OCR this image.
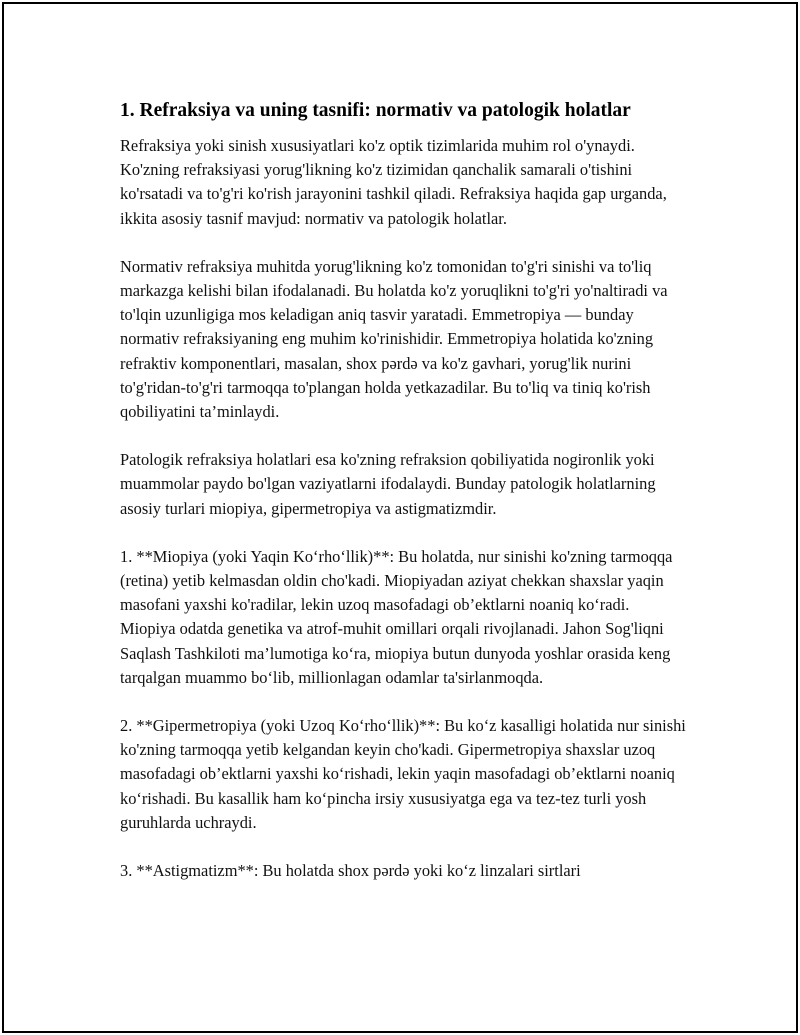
1. Refraksiya va uning tasnifi: normativ va patologik holatlar

Refraksiya yoki sinish xususiyatlari ko'z optik tizimlarida muhim rol o'ynaydi. Ko'zning refraksiyasi yorug'likning ko'z tizimidan qanchalik samarali o'tishini ko'rsatadi va to'g'ri ko'rish jarayonini tashkil qiladi. Refraksiya haqida gap urganda, ikkita asosiy tasnif mavjud: normativ va patologik holatlar.

Normativ refraksiya muhitda yorug'likning ko'z tomonidan to'g'ri sinishi va to'liq markazga kelishi bilan ifodalanadi. Bu holatda ko'z yoruqlikni to'g'ri yo'naltiradi va to'lqin uzunligiga mos keladigan aniq tasvir yaratadi. Emmetropiya — bunday normativ refraksiyaning eng muhim ko'rinishidir. Emmetropiya holatida ko'zning refraktiv komponentlari, masalan, shox pərdə va ko'z gavhari, yorug'lik nurini to'g'ridan-to'g'ri tarmoqqa to'plangan holda yetkazadilar. Bu to'liq va tiniq ko'rish qobiliyatini ta’minlaydi.

Patologik refraksiya holatlari esa ko'zning refraksion qobiliyatida nogironlik yoki muammolar paydo bo'lgan vaziyatlarni ifodalaydi. Bunday patologik holatlarning asosiy turlari miopiya, gipermetropiya va astigmatizmdir.

1. **Miopiya (yoki Yaqin Ko‘rho‘llik)**: Bu holatda, nur sinishi ko'zning tarmoqqa (retina) yetib kelmasdan oldin cho'kadi. Miopiyadan aziyat chekkan shaxslar yaqin masofani yaxshi ko'radilar, lekin uzoq masofadagi ob’ektlarni noaniq ko‘radi. Miopiya odatda genetika va atrof-muhit omillari orqali rivojlanadi. Jahon Sog'liqni Saqlash Tashkiloti ma’lumotiga ko‘ra, miopiya butun dunyoda yoshlar orasida keng tarqalgan muammo bo‘lib, millionlagan odamlar ta'sirlanmoqda.

2. **Gipermetropiya (yoki Uzoq Ko‘rho‘llik)**: Bu ko‘z kasalligi holatida nur sinishi ko'zning tarmoqqa yetib kelgandan keyin cho'kadi. Gipermetropiya shaxslar uzoq masofadagi ob’ektlarni yaxshi ko‘rishadi, lekin yaqin masofadagi ob’ektlarni noaniq ko‘rishadi. Bu kasallik ham ko‘pincha irsiy xususiyatga ega va tez-tez turli yosh guruhlarda uchraydi.

3. **Astigmatizm**: Bu holatda shox pərdə yoki ko‘z linzalari sirtlari
